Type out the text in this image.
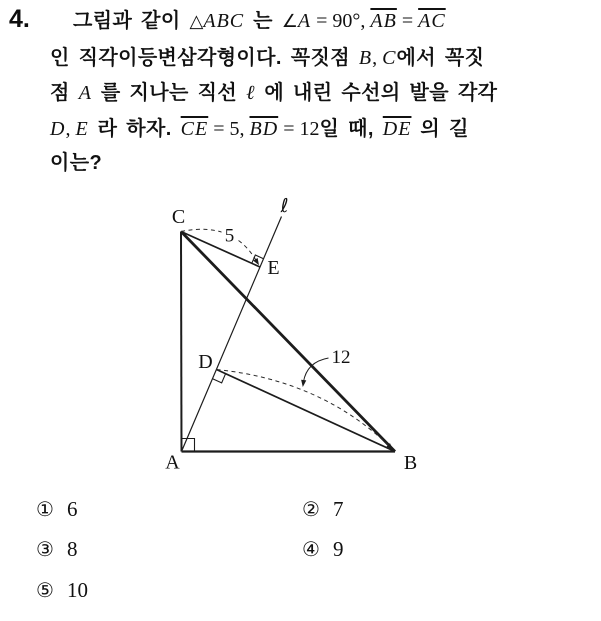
4. 그림과 같이 △ABC 는 ∠A = 90°, $\overline{AB} = \overline{AC}$
인 직각이등변삼각형이다. 꼭짓점 B, C에서 꼭짓
점 A 를 지나는 직선 ℓ 에 내린 수선의 발을 각각
D, E 라 하자. $\overline{CE} = 5$, $\overline{BD} = 12$일 때, $\overline{DE}$ 의 길
이는?
A	B
C
D
E
ℓ
5
12
① 6	② 7
③ 8	④ 9
⑤ 10
